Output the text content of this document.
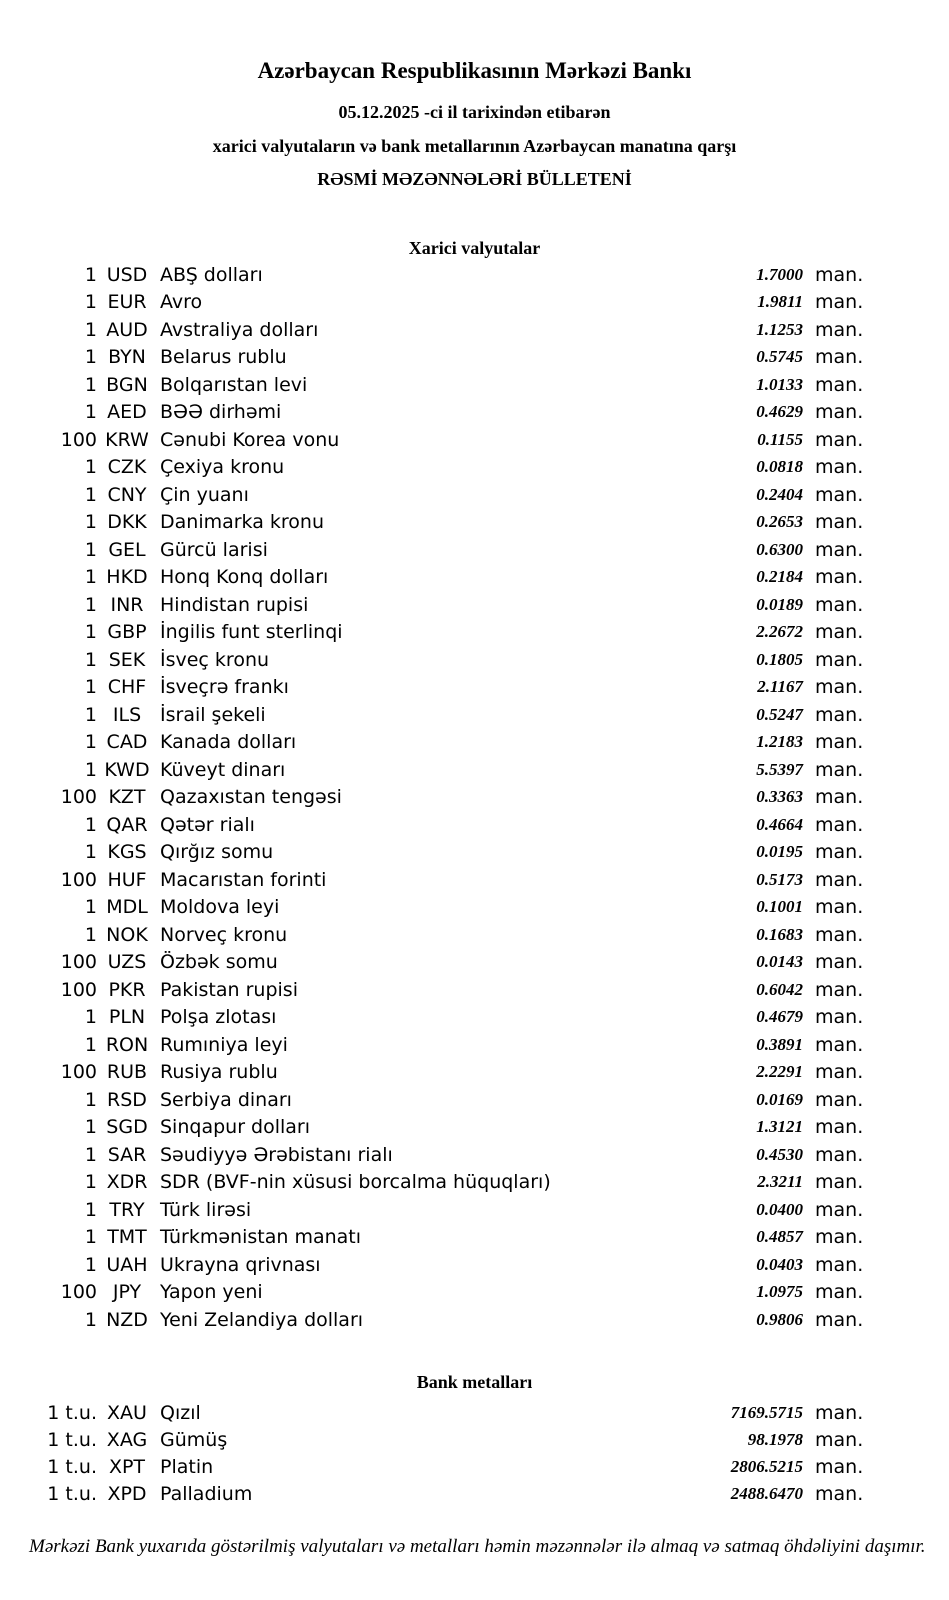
Azərbaycan Respublikasının Mərkəzi Bankı
05.12.2025 -ci il tarixindən etibarən
xarici valyutaların və bank metallarının Azərbaycan manatına qarşı
RƏSMİ MƏZƏNNƏLƏRİ BÜLLETENİ
Xarici valyutalar
1 USD ABŞ dolları	1.7000 man.
1 EUR Avro	1.9811 man.
1 AUD Avstraliya dolları	1.1253 man.
1 BYN Belarus rublu	0.5745 man.
1 BGN Bolqarıstan levi	1.0133 man.
1 AED BƏƏ dirhəmi	0.4629 man.
100 KRW Cənubi Korea vonu	0.1155 man.
1 CZK Çexiya kronu	0.0818 man.
1 CNY Çin yuanı	0.2404 man.
1 DKK Danimarka kronu	0.2653 man.
1 GEL Gürcü larisi	0.6300 man.
1 HKD Honq Konq dolları	0.2184 man.
1 INR Hindistan rupisi	0.0189 man.
1 GBP İngilis funt sterlinqi	2.2672 man.
1 SEK İsveç kronu	0.1805 man.
1 CHF İsveçrə frankı	2.1167 man.
1 ILS İsrail şekeli	0.5247 man.
1 CAD Kanada dolları	1.2183 man.
1 KWD Küveyt dinarı	5.5397 man.
100 KZT Qazaxıstan tengəsi	0.3363 man.
1 QAR Qətər rialı	0.4664 man.
1 KGS Qırğız somu	0.0195 man.
100 HUF Macarıstan forinti	0.5173 man.
1 MDL Moldova leyi	0.1001 man.
1 NOK Norveç kronu	0.1683 man.
100 UZS Özbək somu	0.0143 man.
100 PKR Pakistan rupisi	0.6042 man.
1 PLN Polşa zlotası	0.4679 man.
1 RON Rumıniya leyi	0.3891 man.
100 RUB Rusiya rublu	2.2291 man.
1 RSD Serbiya dinarı	0.0169 man.
1 SGD Sinqapur dolları	1.3121 man.
1 SAR Səudiyyə Ərəbistanı rialı	0.4530 man.
1 XDR SDR (BVF-nin xüsusi borcalma hüquqları)	2.3211 man.
1 TRY Türk lirəsi	0.0400 man.
1 TMT Türkmənistan manatı	0.4857 man.
1 UAH Ukrayna qrivnası	0.0403 man.
100 JPY Yapon yeni	1.0975 man.
1 NZD Yeni Zelandiya dolları	0.9806 man.
Bank metalları
1 t.u. XAU Qızıl	7169.5715 man.
1 t.u. XAG Gümüş	98.1978 man.
1 t.u. XPT Platin	2806.5215 man.
1 t.u. XPD Palladium	2488.6470 man.
Mərkəzi Bank yuxarıda göstərilmiş valyutaları və metalları həmin məzənnələr ilə almaq və satmaq öhdəliyini daşımır.
